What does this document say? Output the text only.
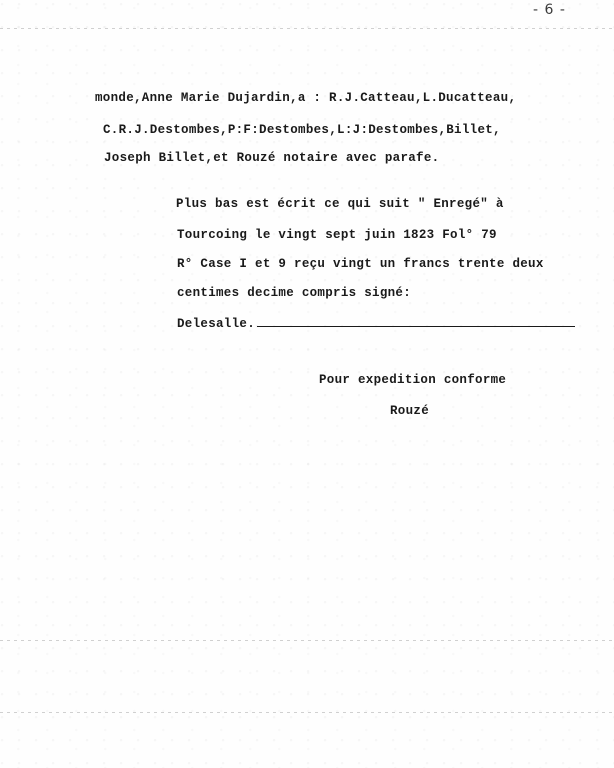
- 6 -
monde,Anne Marie Dujardin,a : R.J.Catteau,L.Ducatteau,
C.R.J.Destombes,P:F:Destombes,L:J:Destombes,Billet,
Joseph Billet,et Rouzé notaire avec parafe.
Plus bas est écrit ce qui suit " Enregé" à
Tourcoing le vingt sept juin 1823 Fol° 79
R° Case I et 9 reçu vingt un francs trente deux
centimes decime compris signé:
Delesalle.
Pour expedition conforme
Rouzé
